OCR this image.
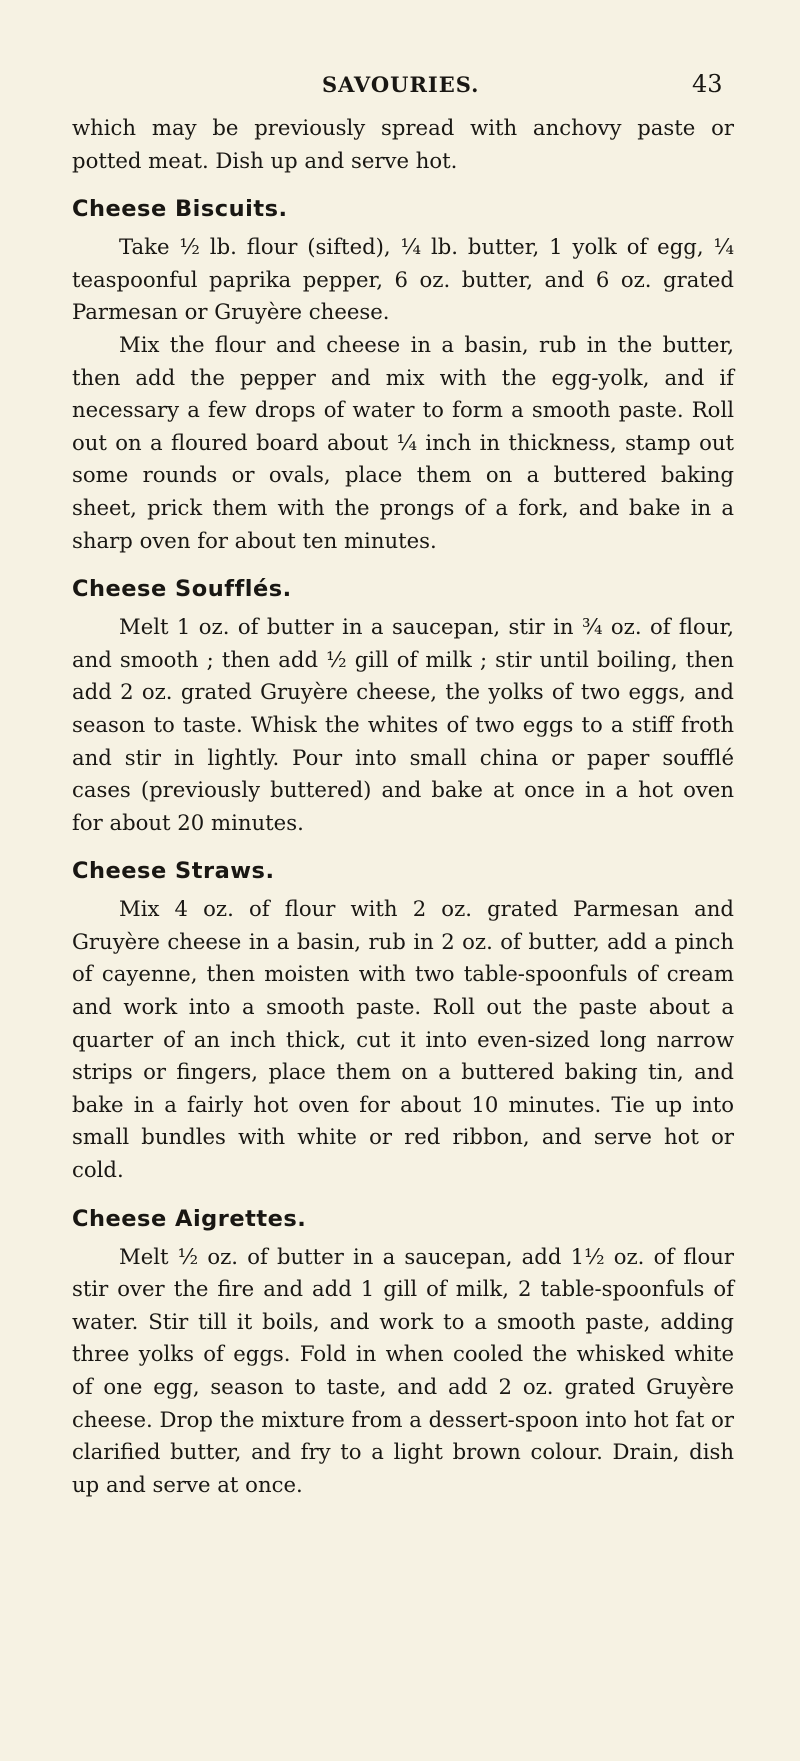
SAVOURIES.	43

which may be previously spread with anchovy paste or potted meat. Dish up and serve hot.

Cheese Biscuits.

Take ½ lb. flour (sifted), ¼ lb. butter, 1 yolk of egg, ¼ teaspoonful paprika pepper, 6 oz. butter, and 6 oz. grated Parmesan or Gruyère cheese.

Mix the flour and cheese in a basin, rub in the butter, then add the pepper and mix with the egg-yolk, and if necessary a few drops of water to form a smooth paste. Roll out on a floured board about ¼ inch in thickness, stamp out some rounds or ovals, place them on a buttered baking sheet, prick them with the prongs of a fork, and bake in a sharp oven for about ten minutes.

Cheese Soufflés.

Melt 1 oz. of butter in a saucepan, stir in ¾ oz. of flour, and smooth ; then add ½ gill of milk ; stir until boiling, then add 2 oz. grated Gruyère cheese, the yolks of two eggs, and season to taste. Whisk the whites of two eggs to a stiff froth and stir in lightly. Pour into small china or paper soufflé cases (previously buttered) and bake at once in a hot oven for about 20 minutes.

Cheese Straws.

Mix 4 oz. of flour with 2 oz. grated Parmesan and Gruyère cheese in a basin, rub in 2 oz. of butter, add a pinch of cayenne, then moisten with two table-spoonfuls of cream and work into a smooth paste. Roll out the paste about a quarter of an inch thick, cut it into even-sized long narrow strips or fingers, place them on a buttered baking tin, and bake in a fairly hot oven for about 10 minutes. Tie up into small bundles with white or red ribbon, and serve hot or cold.

Cheese Aigrettes.

Melt ½ oz. of butter in a saucepan, add 1½ oz. of flour stir over the fire and add 1 gill of milk, 2 table-spoonfuls of water. Stir till it boils, and work to a smooth paste, adding three yolks of eggs. Fold in when cooled the whisked white of one egg, season to taste, and add 2 oz. grated Gruyère cheese. Drop the mixture from a dessert-spoon into hot fat or clarified butter, and fry to a light brown colour. Drain, dish up and serve at once.
